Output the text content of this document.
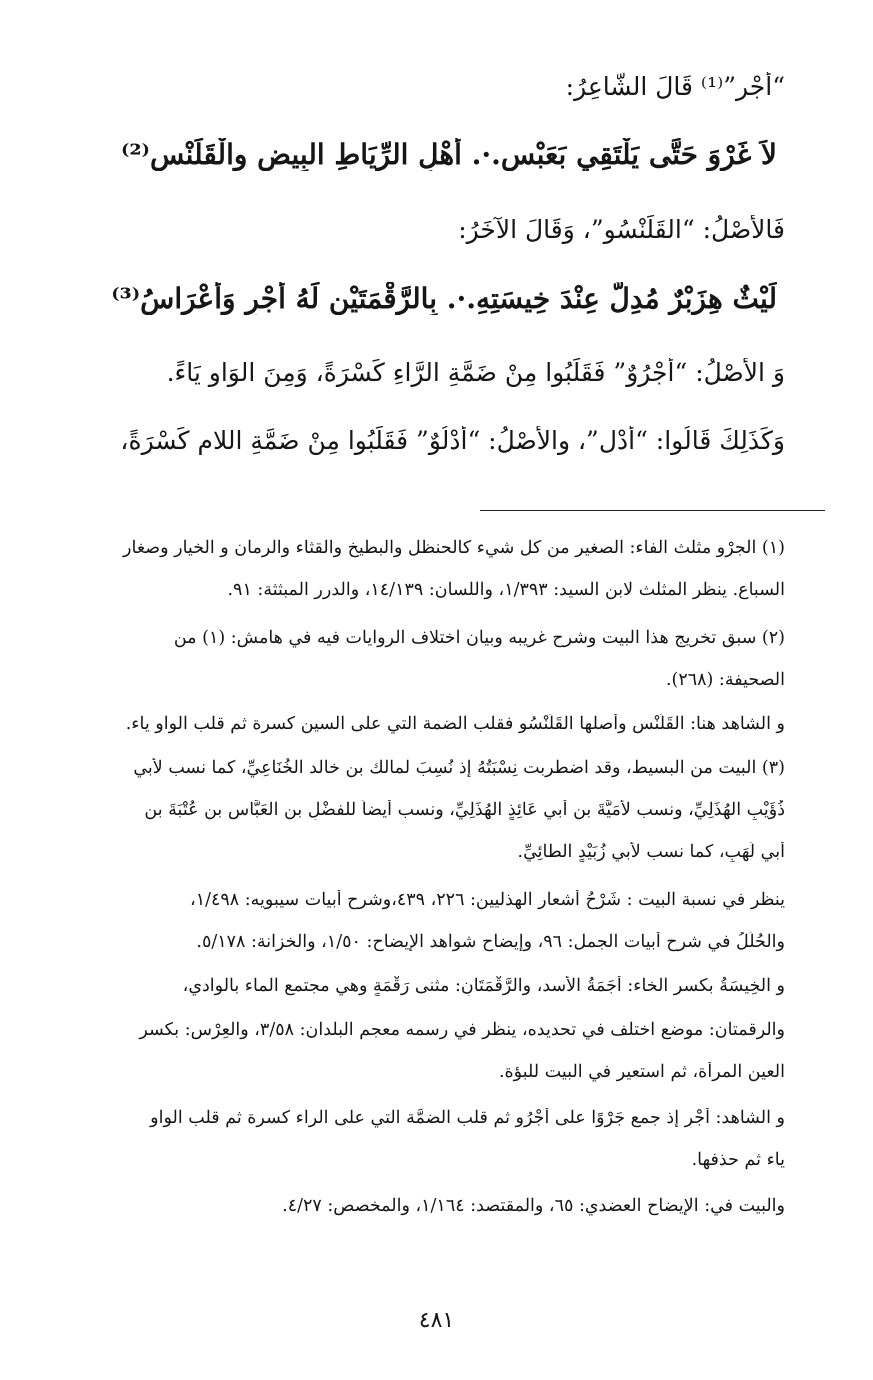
“أَجْرٍ”⁽¹⁾ قَالَ الشَّاعِرُ:
لاَ غَرْوَ حَتَّى يَلْتَقِي بَعَبْس.·. أَهْلِ الرِّيَاطِ البِيضِ والْقَلَنْسِ⁽²⁾
فَالأَصْلُ: “القَلَنْسُو”، وَقَالَ الآخَرُ:
لَيْثٌ هِزَبْرٌ مُدِلٌّ عِنْدَ خِيسَتِهِ.·. بِالرَّقْمَتَيْنِ لَهُ أَجْرٍ وَأَعْرَاسُ⁽³⁾
وَ الأَصْلُ: “أَجْرُوٌ” فَقَلَبُوا مِنْ ضَمَّةِ الرَّاءِ كَسْرَةً، وَمِنَ الوَاوِ يَاءً.
وَكَذَلِكَ قَالُوا: “أَدْلٍ”، والأَصْلُ: “أَدْلُوٌ” فَقَلَبُوا مِنْ ضَمَّةِ اللامِ كَسْرَةً،
(١) الجرْو مثلث الفاء: الصغير من كل شيء كالحنظل والبطيخ والقثاء والرمان و الخيار وصغار
السباع. ينظر المثلث لابن السيد: ١/٣٩٣، واللسان: ١٤/١٣٩، والدرر المبثثة: ٩١.
(٢) سبق تخريج هذا البيت وشرح غريبه وبيان اختلاف الروايات فيه في هامش: (١) من
الصحيفة: (٢٦٨).
و الشاهد هنا: القَلَنْسِ وأصلها القَلَنْسُو فقلب الضمة التي على السين كسرة ثم قلب الواو ياء.
(٣) البيت من البسيط، وقد اضطربت نِسْبَتُهُ إذ نُسِبَ لمالك بن خالد الخُنَاعِيِّ، كما نسب لأبي
ذُؤَيْبٍ الهُذَلِيِّ، ونسب لأُمَيَّةَ بن أبي عَائِذٍ الهُذَلِيِّ، ونسب أيضاً للفضْلِ بن العَبَّاس بن عُتْبَةَ بن
أبي لَهَبٍ، كما نسب لأبي زُبَيْدٍ الطائِيِّ.
ينظر في نسبة البيت : شَرْحُ أشعار الهذليين: ٢٢٦، ٤٣٩،وشرح أبيات سيبويه: ١/٤٩٨،
والحُلَلُ في شرح أبيات الجمل: ٩٦، وإيضاح شواهد الإيضاح: ١/٥٠، والخزانة: ٥/١٧٨.
و الخِيسَةُ بكسر الخاء: أَجَمَةُ الأسد، والرَّقْمَتَانِ: مثنى رَقْمَةٍ وهي مجتمع الماء بالوادي،
والرقمتان: موضع اختلف في تحديده، ينظر في رسمه معجم البلدان: ٣/٥٨، والعِرْس: بكسر
العين المرأة، ثم استعير في البيت للبؤة.
و الشاهد: أَجْرٍ إذ جمع جَرْوًا على أَجْرُوٍ ثم قلب الضمَّة التي على الراء كسرة ثم قلب الواو
ياء ثم حذفها.
والبيت في: الإيضاح العضدي: ٦٥، والمقتصد: ١/١٦٤، والمخصص: ٤/٢٧.
٤٨١
